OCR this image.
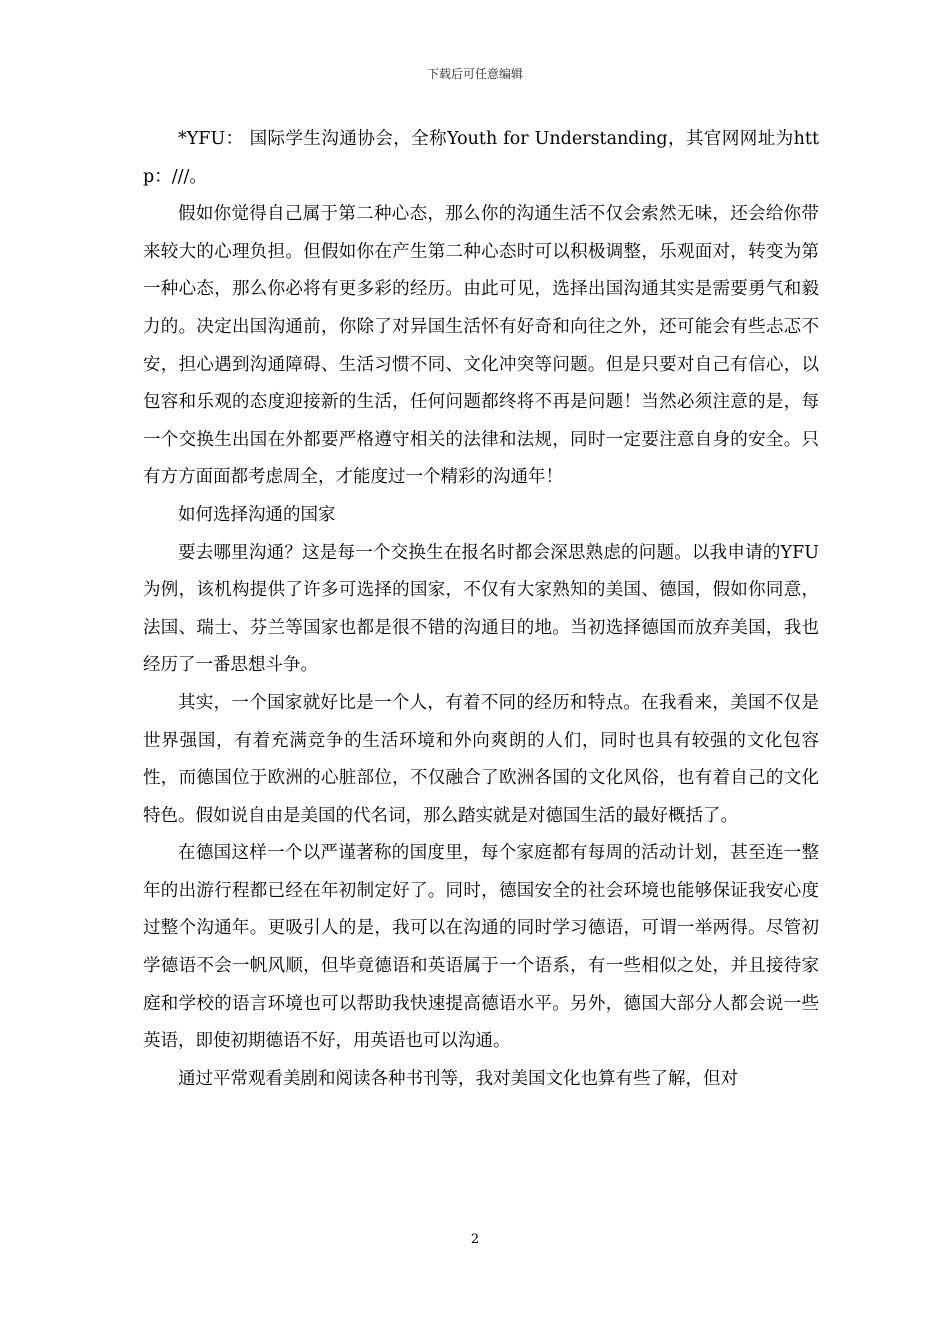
下载后可任意编辑

*YFU： 国际学生沟通协会，全称Youth for Understanding，其官网网址为http：///。

假如你觉得自己属于第二种心态，那么你的沟通生活不仅会索然无味，还会给你带来较大的心理负担。但假如你在产生第二种心态时可以积极调整，乐观面对，转变为第一种心态，那么你必将有更多彩的经历。由此可见，选择出国沟通其实是需要勇气和毅力的。决定出国沟通前，你除了对异国生活怀有好奇和向往之外，还可能会有些忐忑不安，担心遇到沟通障碍、生活习惯不同、文化冲突等问题。但是只要对自己有信心，以包容和乐观的态度迎接新的生活，任何问题都终将不再是问题！当然必须注意的是，每一个交换生出国在外都要严格遵守相关的法律和法规，同时一定要注意自身的安全。只有方方面面都考虑周全，才能度过一个精彩的沟通年！

如何选择沟通的国家

要去哪里沟通？这是每一个交换生在报名时都会深思熟虑的问题。以我申请的YFU为例，该机构提供了许多可选择的国家，不仅有大家熟知的美国、德国，假如你同意，法国、瑞士、芬兰等国家也都是很不错的沟通目的地。当初选择德国而放弃美国，我也经历了一番思想斗争。

其实，一个国家就好比是一个人，有着不同的经历和特点。在我看来，美国不仅是世界强国，有着充满竞争的生活环境和外向爽朗的人们，同时也具有较强的文化包容性，而德国位于欧洲的心脏部位，不仅融合了欧洲各国的文化风俗，也有着自己的文化特色。假如说自由是美国的代名词，那么踏实就是对德国生活的最好概括了。

在德国这样一个以严谨著称的国度里，每个家庭都有每周的活动计划，甚至连一整年的出游行程都已经在年初制定好了。同时，德国安全的社会环境也能够保证我安心度过整个沟通年。更吸引人的是，我可以在沟通的同时学习德语，可谓一举两得。尽管初学德语不会一帆风顺，但毕竟德语和英语属于一个语系，有一些相似之处，并且接待家庭和学校的语言环境也可以帮助我快速提高德语水平。另外，德国大部分人都会说一些英语，即使初期德语不好，用英语也可以沟通。

通过平常观看美剧和阅读各种书刊等，我对美国文化也算有些了解，但对

2
